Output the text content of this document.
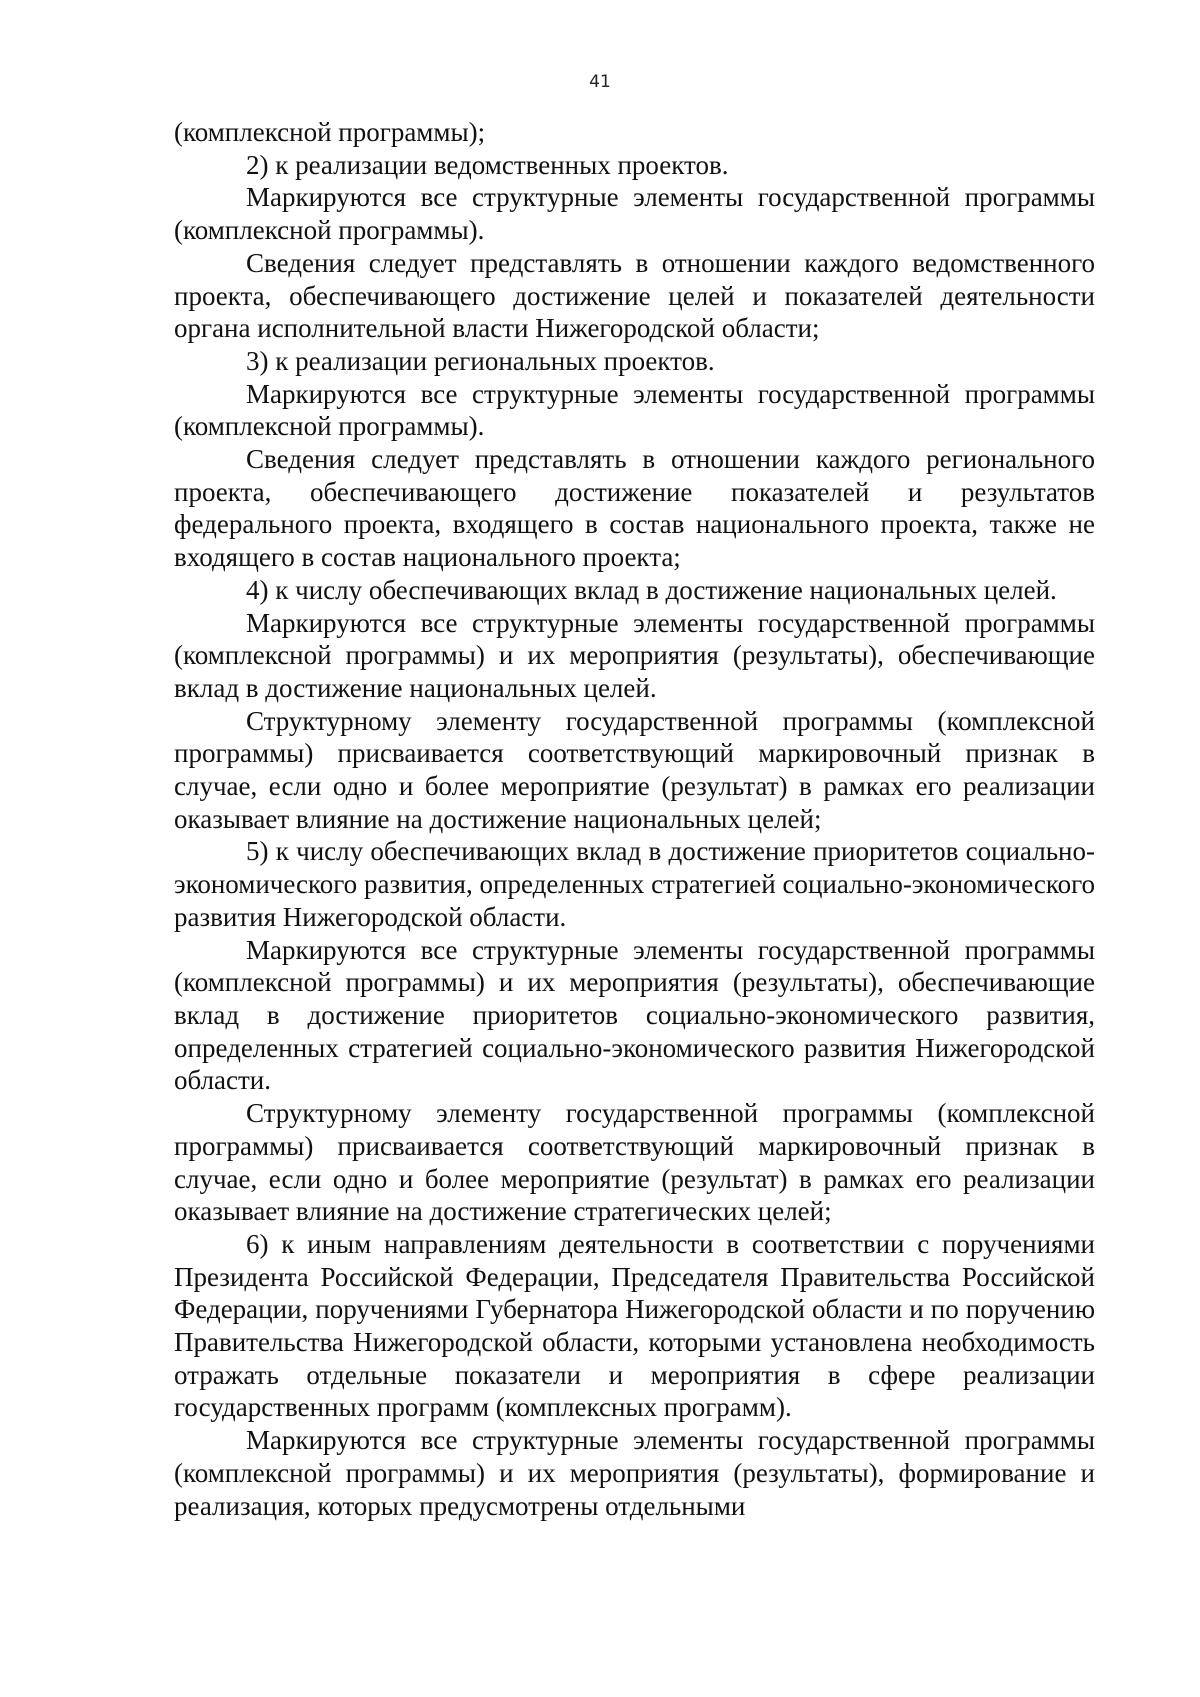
41

(комплексной программы);

2) к реализации ведомственных проектов.

Маркируются все структурные элементы государственной программы (комплексной программы).

Сведения следует представлять в отношении каждого ведомственного проекта, обеспечивающего достижение целей и показателей деятельности органа исполнительной власти Нижегородской области;

3) к реализации региональных проектов.

Маркируются все структурные элементы государственной программы (комплексной программы).

Сведения следует представлять в отношении каждого регионального проекта, обеспечивающего достижение показателей и результатов федерального проекта, входящего в состав национального проекта, также не входящего в состав национального проекта;

4) к числу обеспечивающих вклад в достижение национальных целей.

Маркируются все структурные элементы государственной программы (комплексной программы) и их мероприятия (результаты), обеспечивающие вклад в достижение национальных целей.

Структурному элементу государственной программы (комплексной программы) присваивается соответствующий маркировочный признак в случае, если одно и более мероприятие (результат) в рамках его реализации оказывает влияние на достижение национальных целей;

5) к числу обеспечивающих вклад в достижение приоритетов социально-экономического развития, определенных стратегией социально-экономического развития Нижегородской области.

Маркируются все структурные элементы государственной программы (комплексной программы) и их мероприятия (результаты), обеспечивающие вклад в достижение приоритетов социально-экономического развития, определенных стратегией социально-экономического развития Нижегородской области.

Структурному элементу государственной программы (комплексной программы) присваивается соответствующий маркировочный признак в случае, если одно и более мероприятие (результат) в рамках его реализации оказывает влияние на достижение стратегических целей;

6) к иным направлениям деятельности в соответствии с поручениями Президента Российской Федерации, Председателя Правительства Российской Федерации, поручениями Губернатора Нижегородской области и по поручению Правительства Нижегородской области, которыми установлена необходимость отражать отдельные показатели и мероприятия в сфере реализации государственных программ (комплексных программ).

Маркируются все структурные элементы государственной программы (комплексной программы) и их мероприятия (результаты), формирование и реализация, которых предусмотрены отдельными
